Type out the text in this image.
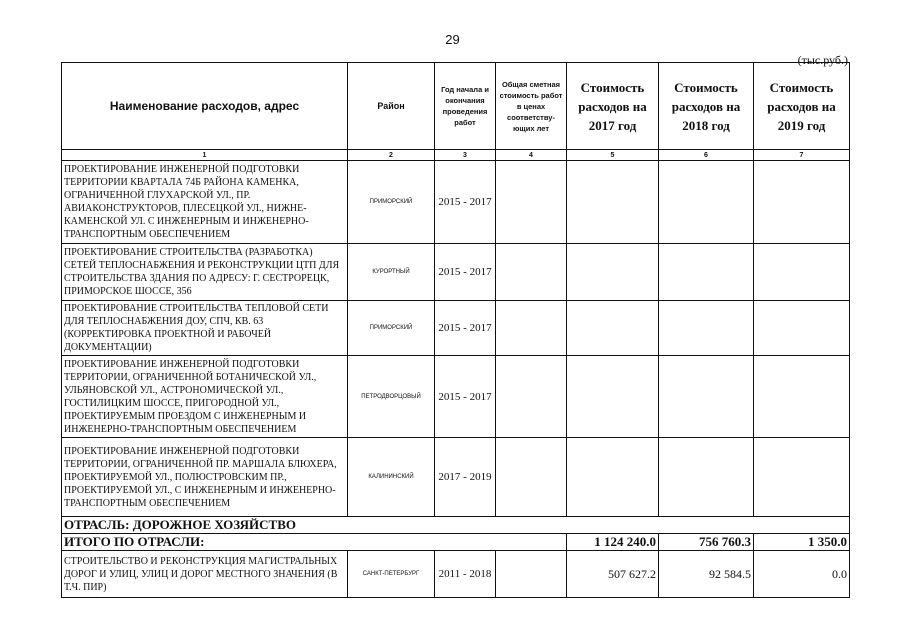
29
(тыс.руб.)
Наименование расходов, адрес	Район	Год начала и окончания проведения работ	Общая сметная стоимость работ в ценах соответству-ющих лет	Стоимость расходов на 2017 год	Стоимость расходов на 2018 год	Стоимость расходов на 2019 год
1	2	3	4	5	6	7
ПРОЕКТИРОВАНИЕ ИНЖЕНЕРНОЙ ПОДГОТОВКИ ТЕРРИТОРИИ КВАРТАЛА 74Б РАЙОНА КАМЕНКА, ОГРАНИЧЕННОЙ ГЛУХАРСКОЙ УЛ., ПР. АВИАКОНСТРУКТОРОВ, ПЛЕСЕЦКОЙ УЛ., НИЖНЕ-КАМЕНСКОЙ УЛ. С ИНЖЕНЕРНЫМ И ИНЖЕНЕРНО-ТРАНСПОРТНЫМ ОБЕСПЕЧЕНИЕМ	ПРИМОРСКИЙ	2015 - 2017				
ПРОЕКТИРОВАНИЕ СТРОИТЕЛЬСТВА (РАЗРАБОТКА) СЕТЕЙ ТЕПЛОСНАБЖЕНИЯ И РЕКОНСТРУКЦИИ ЦТП ДЛЯ СТРОИТЕЛЬСТВА ЗДАНИЯ ПО АДРЕСУ: Г. СЕСТРОРЕЦК, ПРИМОРСКОЕ ШОССЕ, 356	КУРОРТНЫЙ	2015 - 2017				
ПРОЕКТИРОВАНИЕ СТРОИТЕЛЬСТВА ТЕПЛОВОЙ СЕТИ ДЛЯ ТЕПЛОСНАБЖЕНИЯ ДОУ, СПЧ, КВ. 63 (КОРРЕКТИРОВКА ПРОЕКТНОЙ И РАБОЧЕЙ ДОКУМЕНТАЦИИ)	ПРИМОРСКИЙ	2015 - 2017				
ПРОЕКТИРОВАНИЕ ИНЖЕНЕРНОЙ ПОДГОТОВКИ ТЕРРИТОРИИ, ОГРАНИЧЕННОЙ БОТАНИЧЕСКОЙ УЛ., УЛЬЯНОВСКОЙ УЛ., АСТРОНОМИЧЕСКОЙ УЛ., ГОСТИЛИЦКИМ ШОССЕ, ПРИГОРОДНОЙ УЛ., ПРОЕКТИРУЕМЫМ ПРОЕЗДОМ С ИНЖЕНЕРНЫМ И ИНЖЕНЕРНО-ТРАНСПОРТНЫМ ОБЕСПЕЧЕНИЕМ	ПЕТРОДВОРЦОВЫЙ	2015 - 2017				
ПРОЕКТИРОВАНИЕ ИНЖЕНЕРНОЙ ПОДГОТОВКИ ТЕРРИТОРИИ, ОГРАНИЧЕННОЙ ПР. МАРШАЛА БЛЮХЕРА, ПРОЕКТИРУЕМОЙ УЛ., ПОЛЮСТРОВСКИМ ПР., ПРОЕКТИРУЕМОЙ УЛ., С ИНЖЕНЕРНЫМ И ИНЖЕНЕРНО-ТРАНСПОРТНЫМ ОБЕСПЕЧЕНИЕМ	КАЛИНИНСКИЙ	2017 - 2019				
ОТРАСЛЬ: ДОРОЖНОЕ ХОЗЯЙСТВО						
ИТОГО ПО ОТРАСЛИ:				1 124 240.0	756 760.3	1 350.0
СТРОИТЕЛЬСТВО И РЕКОНСТРУКЦИЯ МАГИСТРАЛЬНЫХ ДОРОГ И УЛИЦ, УЛИЦ И ДОРОГ МЕСТНОГО ЗНАЧЕНИЯ (В Т.Ч. ПИР)	САНКТ-ПЕТЕРБУРГ	2011 - 2018		507 627.2	92 584.5	0.0
